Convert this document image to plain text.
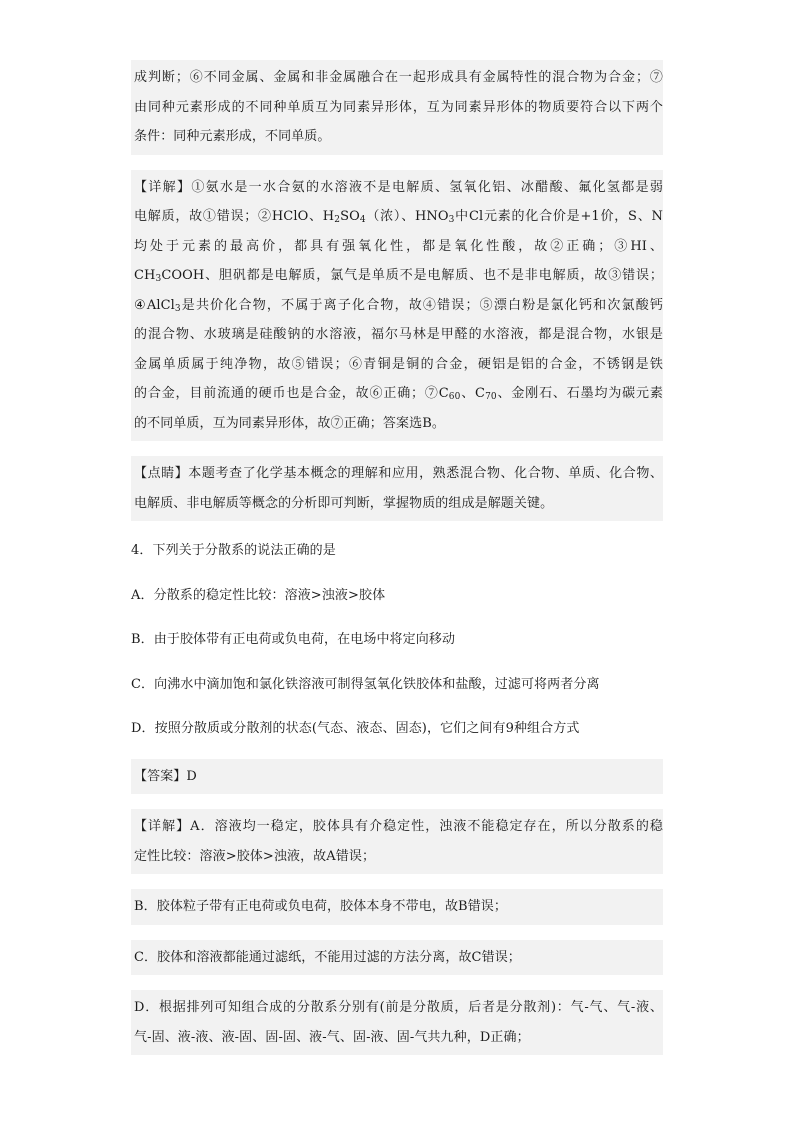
成判断；⑥不同金属、金属和非金属融合在一起形成具有金属特性的混合物为合金；⑦
由同种元素形成的不同种单质互为同素异形体，互为同素异形体的物质要符合以下两个
条件：同种元素形成，不同单质。
【详解】①氨水是一水合氨的水溶液不是电解质、氢氧化铝、冰醋酸、氟化氢都是弱
电解质，故①错误；②HClO、$H_2SO_4$（浓）、$HNO_3$中Cl元素的化合价是+1价，S、N
均处于元素的最高价，都具有强氧化性，都是氧化性酸，故②正确；③HI、
$CH_3COOH$、胆矾都是电解质，氯气是单质不是电解质、也不是非电解质，故③错误；
④AlCl$_3$是共价化合物，不属于离子化合物，故④错误；⑤漂白粉是氯化钙和次氯酸钙
的混合物、水玻璃是硅酸钠的水溶液，福尔马林是甲醛的水溶液，都是混合物，水银是
金属单质属于纯净物，故⑤错误；⑥青铜是铜的合金，硬铝是铝的合金，不锈钢是铁
的合金，目前流通的硬币也是合金，故⑥正确；$⑦C_{60}$、$C_{70}$、金刚石、石墨均为碳元素
的不同单质，互为同素异形体，故⑦正确；答案选B。
【点睛】本题考查了化学基本概念的理解和应用，熟悉混合物、化合物、单质、化合物、
电解质、非电解质等概念的分析即可判断，掌握物质的组成是解题关键。
4．下列关于分散系的说法正确的是
A．分散系的稳定性比较：溶液>浊液>胶体
B．由于胶体带有正电荷或负电荷，在电场中将定向移动
C．向沸水中滴加饱和氯化铁溶液可制得氢氧化铁胶体和盐酸，过滤可将两者分离
D．按照分散质或分散剂的状态(气态、液态、固态)，它们之间有9种组合方式
【答案】D
【详解】A．溶液均一稳定，胶体具有介稳定性，浊液不能稳定存在，所以分散系的稳
定性比较：溶液>胶体>浊液，故A错误；
B．胶体粒子带有正电荷或负电荷，胶体本身不带电，故B错误；
C．胶体和溶液都能通过滤纸，不能用过滤的方法分离，故C错误；
D．根据排列可知组合成的分散系分别有(前是分散质，后者是分散剂)：气-气、气-液、
气-固、液-液、液-固、固-固、液-气、固-液、固-气共九种，D正确；
